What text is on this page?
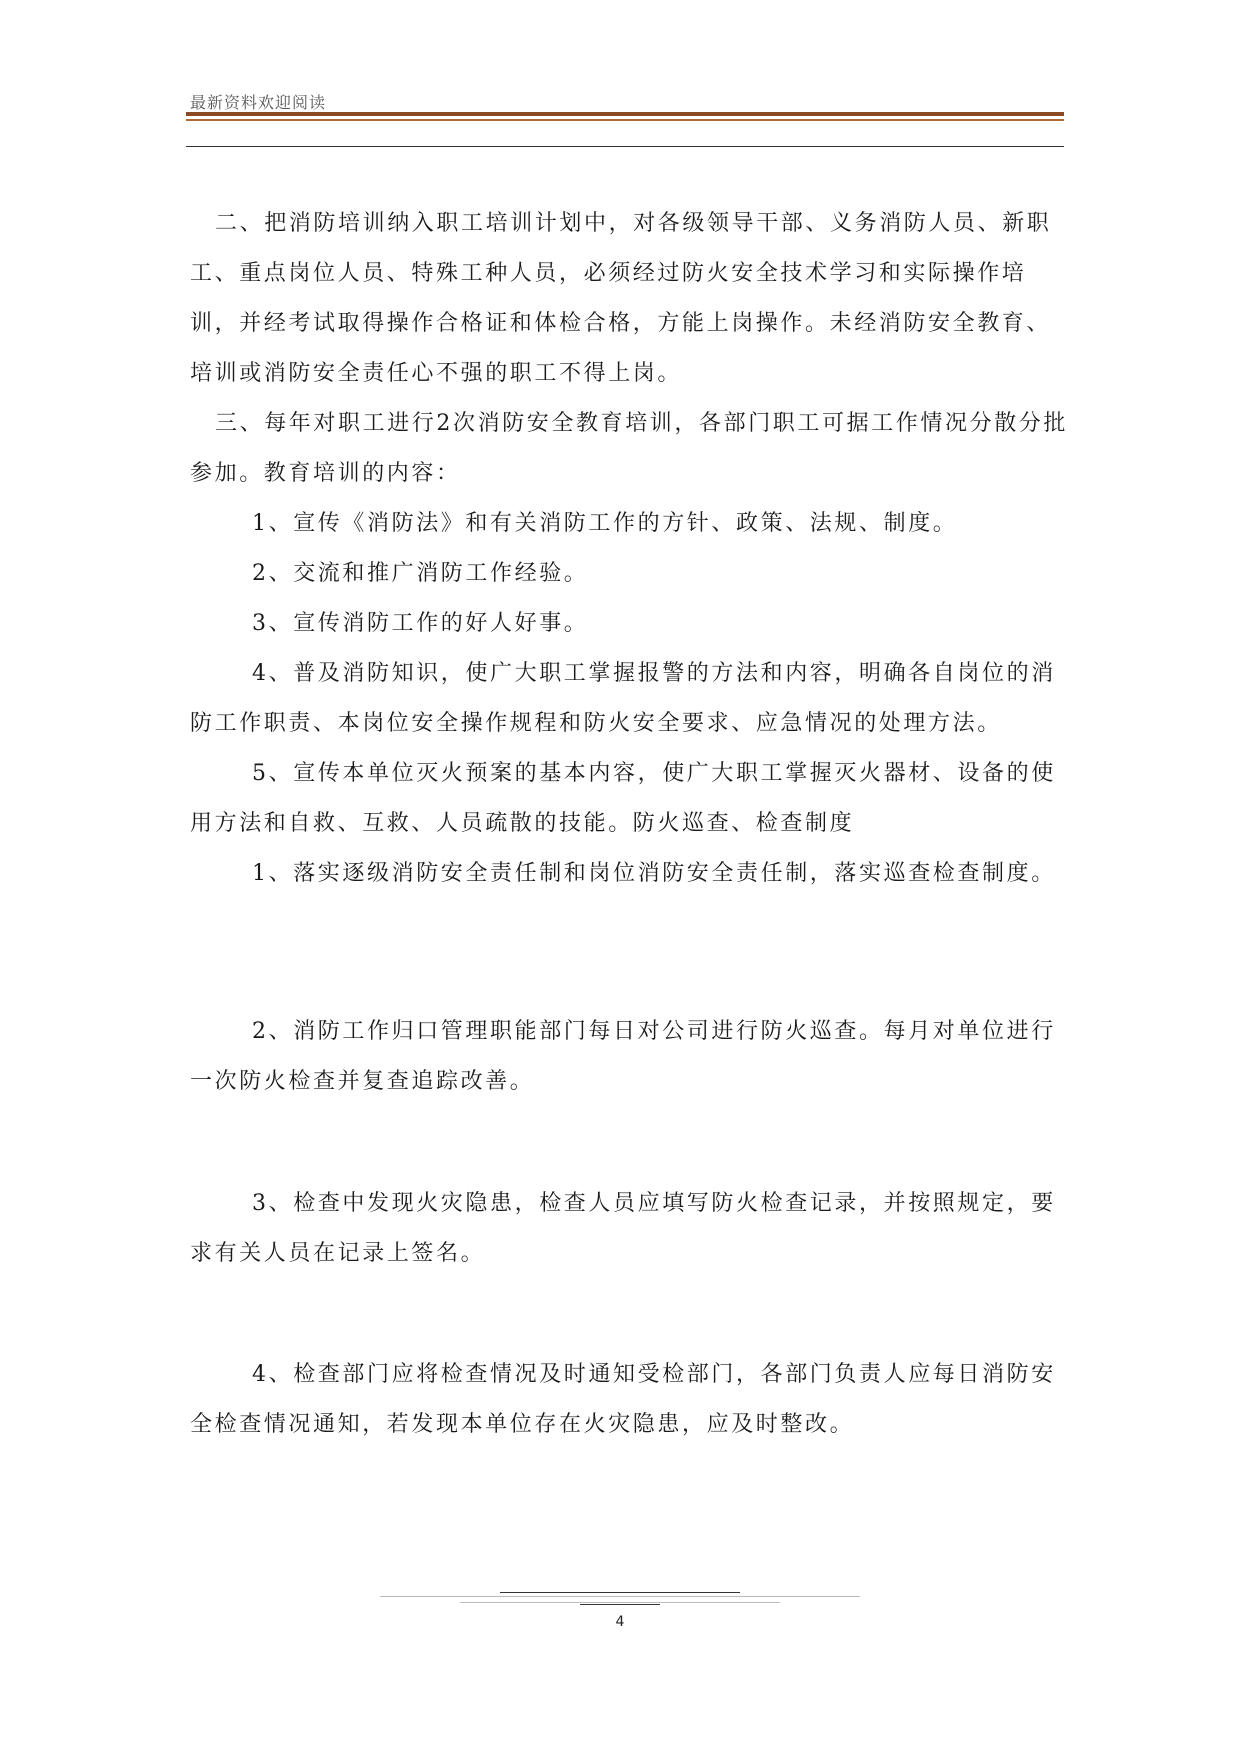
最新资料欢迎阅读

二、把消防培训纳入职工培训计划中，对各级领导干部、义务消防人员、新职工、重点岗位人员、特殊工种人员，必须经过防火安全技术学习和实际操作培训，并经考试取得操作合格证和体检合格，方能上岗操作。未经消防安全教育、培训或消防安全责任心不强的职工不得上岗。

三、每年对职工进行2次消防安全教育培训，各部门职工可据工作情况分散分批参加。教育培训的内容：

1、宣传《消防法》和有关消防工作的方针、政策、法规、制度。

2、交流和推广消防工作经验。

3、宣传消防工作的好人好事。

4、普及消防知识，使广大职工掌握报警的方法和内容，明确各自岗位的消防工作职责、本岗位安全操作规程和防火安全要求、应急情况的处理方法。

5、宣传本单位灭火预案的基本内容，使广大职工掌握灭火器材、设备的使用方法和自救、互救、人员疏散的技能。防火巡查、检查制度

1、落实逐级消防安全责任制和岗位消防安全责任制，落实巡查检查制度。

2、消防工作归口管理职能部门每日对公司进行防火巡查。每月对单位进行一次防火检查并复查追踪改善。

3、检查中发现火灾隐患，检查人员应填写防火检查记录，并按照规定，要求有关人员在记录上签名。

4、检查部门应将检查情况及时通知受检部门，各部门负责人应每日消防安全检查情况通知，若发现本单位存在火灾隐患，应及时整改。

4
